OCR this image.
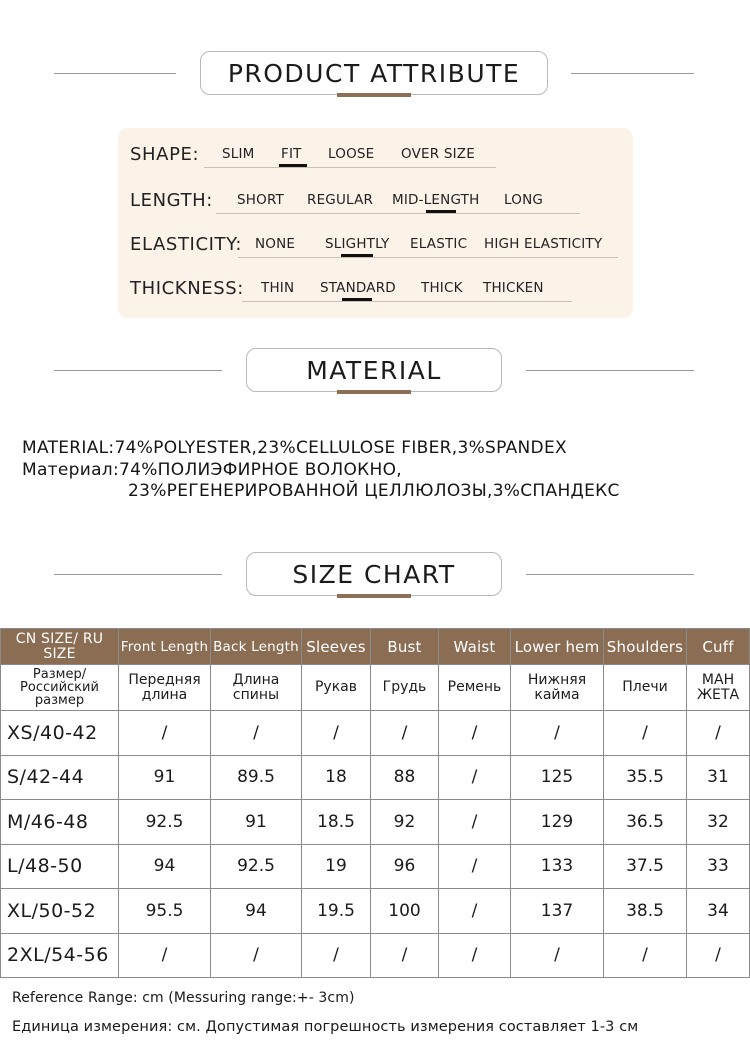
PRODUCT ATTRIBUTE
SHAPE: SLIM FIT LOOSE OVER SIZE
LENGTH: SHORT REGULAR MID-LENGTH LONG
ELASTICITY: NONE SLIGHTLY ELASTIC HIGH ELASTICITY
THICKNESS: THIN STANDARD THICK THICKEN
MATERIAL
MATERIAL:74%POLYESTER,23%CELLULOSE FIBER,3%SPANDEX
Материал:74%ПОЛИЭФИРНОЕ ВОЛОКНО,
23%РЕГЕНЕРИРОВАННОЙ ЦЕЛЛЮЛОЗЫ,3%СПАНДЕКС
SIZE CHART
CN SIZE/ RU SIZE	Front Length	Back Length	Sleeves	Bust	Waist	Lower hem	Shoulders	Cuff
Размер/ Российский размер	Передняя длина	Длина спины	Рукав	Грудь	Ремень	Нижняя кайма	Плечи	МАН ЖЕТА
XS/40-42	/	/	/	/	/	/	/	/
S/42-44	91	89.5	18	88	/	125	35.5	31
M/46-48	92.5	91	18.5	92	/	129	36.5	32
L/48-50	94	92.5	19	96	/	133	37.5	33
XL/50-52	95.5	94	19.5	100	/	137	38.5	34
2XL/54-56	/	/	/	/	/	/	/	/
Reference Range: cm (Messuring range:+- 3cm)
Единица измерения: см. Допустимая погрешность измерения составляет 1-3 см
